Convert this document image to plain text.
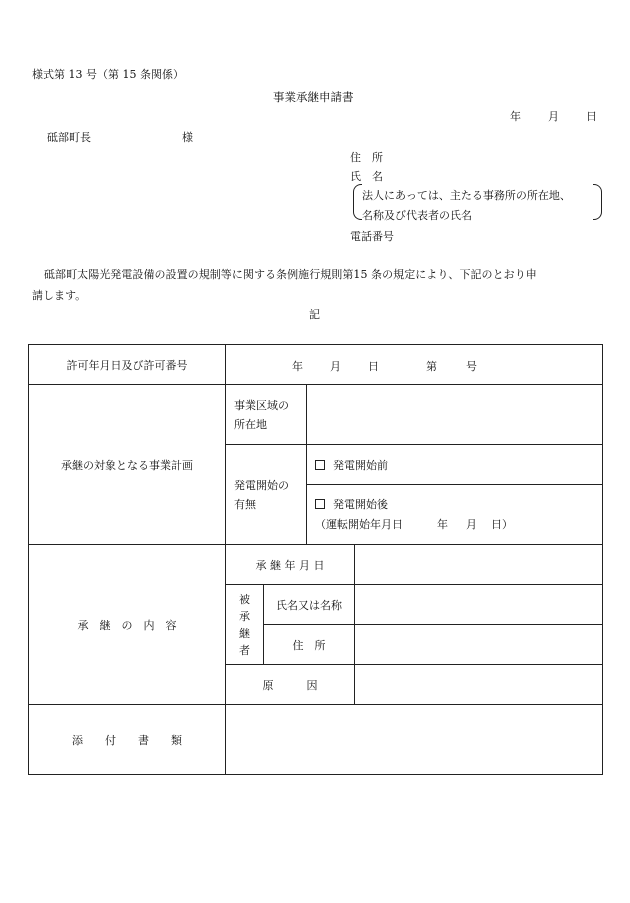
様式第 13 号（第 15 条関係）
事業承継申請書
年 月 日
砥部町長	様
住　所
氏　名
法人にあっては、主たる事務所の所在地、
名称及び代表者の氏名
電話番号
砥部町太陽光発電設備の設置の規制等に関する条例施行規則第15 条の規定により、下記のとおり申
請します。
記
許可年月日及び許可番号	年 月 日 第 号			

承継の対象となる事業計画	事業区域の
所在地			

	発電開始の
有無		発電開始前	

			発電開始後
（運転開始年月日 年 月 日）	

承　継　の　内　容	承 継 年 月 日			

	被
承
継
者	氏名又は名称		
		住　所		
	原　　　因			
添　　付　　書　　類				
